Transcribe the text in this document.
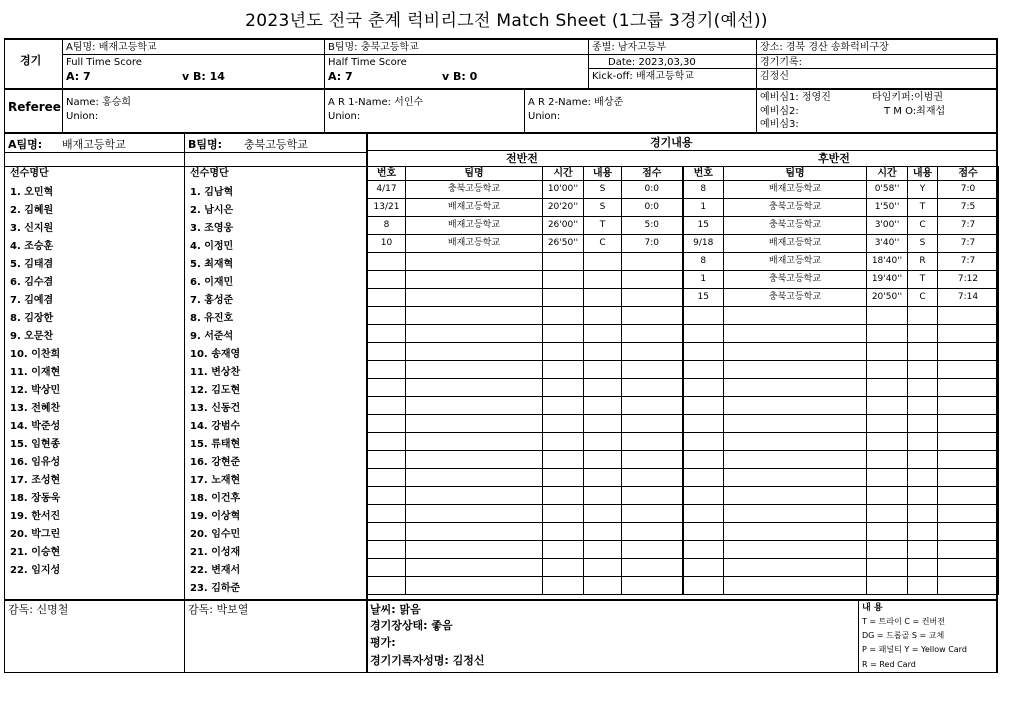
2023년도 전국 춘계 럭비리그전 Match Sheet (1그룹 3경기(예선))
경기
A팀명: 배재고등학교	B팀명: 충북고등학교	종별: 남자고등부	장소: 경북 경산 송화럭비구장
Full Time Score
A: 7	v B: 14
Half Time Score
A: 7	v B: 0
Date: 2023,03,30
Kick-off: 배재고등학교
경기기록:
김정신
Referee Name: 홍승희
Union:
A R 1-Name: 서인수
Union:
A R 2-Name: 배상준
Union:
예비심1: 정영진
예비심2:
예비심3:
타임키퍼:이범권
T M O:최재섭
A팀명: 배재고등학교	B팀명: 충북고등학교
선수명단	선수명단
1. 오민혁
2. 김혜원
3. 신지원
4. 조승훈
5. 김태겸
6. 김수겸
7. 김예겸
8. 김장한
9. 오문찬
10. 이찬희
11. 이재현
12. 박상민
13. 전혜찬
14. 박준성
15. 임현종
16. 임유성
17. 조성현
18. 장동욱
19. 한서진
20. 박그린
21. 이승현
22. 임지성
1. 김남혁
2. 남시은
3. 조영웅
4. 이정민
5. 최재혁
6. 이재민
7. 홍성준
8. 유진호
9. 서준석
10. 송재영
11. 변상찬
12. 김도현
13. 신동건
14. 강범수
15. 류태현
16. 강현준
17. 노재현
18. 이건후
19. 이상혁
20. 임수민
21. 이성재
22. 변재서
23. 김하준
경기내용
전반전	후반전
번호	팀명	시간	내용	점수	번호	팀명	시간	내용	점수
4/17	충북고등학교	10'00''	S	0:0	8	배재고등학교	0'58''	Y	7:0
13/21	배재고등학교	20'20''	S	0:0	1	충북고등학교	1'50''	T	7:5
8	배재고등학교	26'00''	T	5:0	15	충북고등학교	3'00''	C	7:7
10	배재고등학교	26'50''	C	7:0	9/18	배재고등학교	3'40''	S	7:7
					8	배재고등학교	18'40''	R	7:7
					1	충북고등학교	19'40''	T	7:12
					15	충북고등학교	20'50''	C	7:14

감독: 신명철	감독: 박보열	날씨: 맑음
경기장상태: 좋음
평가:
경기기록자성명: 김정신
내 용
T = 트라이 C = 컨버젼
DG = 드롭골 S = 교체
P = 패널티 Y = Yellow Card
R = Red Card
